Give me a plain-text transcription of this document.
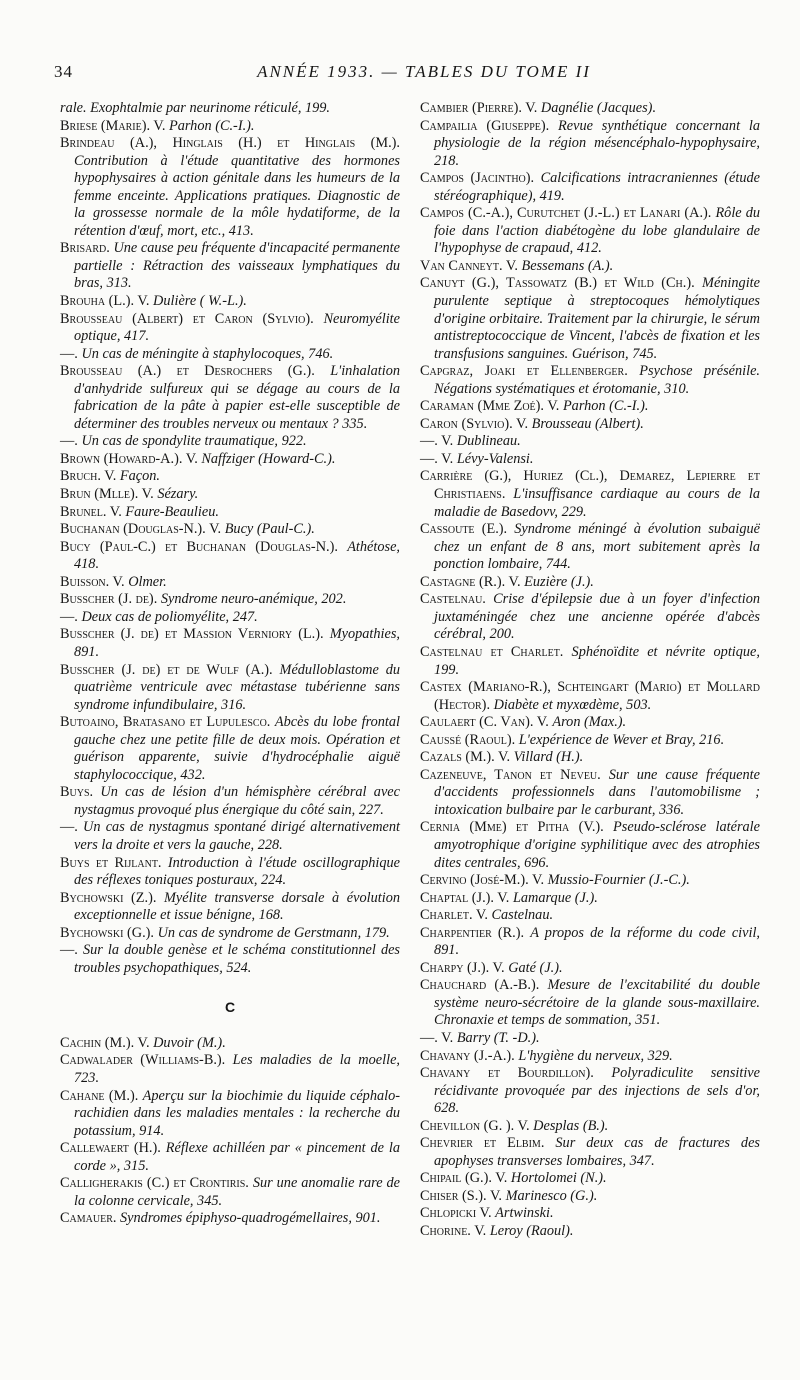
34	ANNÉE 1933. — TABLES DU TOME II

rale. Exophtalmie par neurinome réticulé, 199.

Briese (Marie). V. Parhon (C.-I.).

Brindeau (A.), Hinglais (H.) et Hinglais (M.). Contribution à l'étude quantitative des hormones hypophysaires à action génitale dans les humeurs de la femme enceinte. Applications pratiques. Diagnostic de la grossesse normale de la môle hydatiforme, de la rétention d'œuf, mort, etc., 413.

Brisard. Une cause peu fréquente d'incapacité permanente partielle : Rétraction des vaisseaux lymphatiques du bras, 313.

Brouha (L.). V. Dulière ( W.-L.).

Brousseau (Albert) et Caron (Sylvio). Neuromyélite optique, 417.

—. Un cas de méningite à staphylocoques, 746.

Brousseau (A.) et Desrochers (G.). L'inhalation d'anhydride sulfureux qui se dégage au cours de la fabrication de la pâte à papier est-elle susceptible de déterminer des troubles nerveux ou mentaux ? 335.

—. Un cas de spondylite traumatique, 922.

Brown (Howard-A.). V. Naffziger (Howard-C.).

Bruch. V. Façon.

Brun (Mlle). V. Sézary.

Brunel. V. Faure-Beaulieu.

Buchanan (Douglas-N.). V. Bucy (Paul-C.).

Bucy (Paul-C.) et Buchanan (Douglas-N.). Athétose, 418.

Buisson. V. Olmer.

Busscher (J. de). Syndrome neuro-anémique, 202.

—. Deux cas de poliomyélite, 247.

Busscher (J. de) et Massion Verniory (L.). Myopathies, 891.

Busscher (J. de) et de Wulf (A.). Médulloblastome du quatrième ventricule avec métastase tubérienne sans syndrome infundibulaire, 316.

Butoaino, Bratasano et Lupulesco. Abcès du lobe frontal gauche chez une petite fille de deux mois. Opération et guérison apparente, suivie d'hydrocéphalie aiguë staphylococcique, 432.

Buys. Un cas de lésion d'un hémisphère cérébral avec nystagmus provoqué plus énergique du côté sain, 227.

—. Un cas de nystagmus spontané dirigé alternativement vers la droite et vers la gauche, 228.

Buys et Rijlant. Introduction à l'étude oscillographique des réflexes toniques posturaux, 224.

Bychowski (Z.). Myélite transverse dorsale à évolution exceptionnelle et issue bénigne, 168.

Bychowski (G.). Un cas de syndrome de Gerstmann, 179.

—. Sur la double genèse et le schéma constitutionnel des troubles psychopathiques, 524.

C

Cachin (M.). V. Duvoir (M.).

Cadwalader (Williams-B.). Les maladies de la moelle, 723.

Cahane (M.). Aperçu sur la biochimie du liquide céphalo-rachidien dans les maladies mentales : la recherche du potassium, 914.

Callewaert (H.). Réflexe achilléen par « pincement de la corde », 315.

Calligherakis (C.) et Crontiris. Sur une anomalie rare de la colonne cervicale, 345.

Camauer. Syndromes épiphyso-quadrogémellaires, 901.

Cambier (Pierre). V. Dagnélie (Jacques).

Campailia (Giuseppe). Revue synthétique concernant la physiologie de la région mésencéphalo-hypophysaire, 218.

Campos (Jacintho). Calcifications intracraniennes (étude stéréographique), 419.

Campos (C.-A.), Curutchet (J.-L.) et Lanari (A.). Rôle du foie dans l'action diabétogène du lobe glandulaire de l'hypophyse de crapaud, 412.

Van Canneyt. V. Bessemans (A.).

Canuyt (G.), Tassowatz (B.) et Wild (Ch.). Méningite purulente septique à streptocoques hémolytiques d'origine orbitaire. Traitement par la chirurgie, le sérum antistreptococcique de Vincent, l'abcès de fixation et les transfusions sanguines. Guérison, 745.

Capgraz, Joaki et Ellenberger. Psychose présénile. Négations systématiques et érotomanie, 310.

Caraman (Mme Zoé). V. Parhon (C.-I.).

Caron (Sylvio). V. Brousseau (Albert).

—. V. Dublineau.

—. V. Lévy-Valensi.

Carrière (G.), Huriez (Cl.), Demarez, Lepierre et Christiaens. L'insuffisance cardiaque au cours de la maladie de Basedovv, 229.

Cassoute (E.). Syndrome méningé à évolution subaiguë chez un enfant de 8 ans, mort subitement après la ponction lombaire, 744.

Castagne (R.). V. Euzière (J.).

Castelnau. Crise d'épilepsie due à un foyer d'infection juxtaméningée chez une ancienne opérée d'abcès cérébral, 200.

Castelnau et Charlet. Sphénoïdite et névrite optique, 199.

Castex (Mariano-R.), Schteingart (Mario) et Mollard (Hector). Diabète et myxœdème, 503.

Caulaert (C. Van). V. Aron (Max.).

Caussé (Raoul). L'expérience de Wever et Bray, 216.

Cazals (M.). V. Villard (H.).

Cazeneuve, Tanon et Neveu. Sur une cause fréquente d'accidents professionnels dans l'automobilisme ; intoxication bulbaire par le carburant, 336.

Cernia (Mme) et Pitha (V.). Pseudo-sclérose latérale amyotrophique d'origine syphilitique avec des atrophies dites centrales, 696.

Cervino (José-M.). V. Mussio-Fournier (J.-C.).

Chaptal (J.). V. Lamarque (J.).

Charlet. V. Castelnau.

Charpentier (R.). A propos de la réforme du code civil, 891.

Charpy (J.). V. Gaté (J.).

Chauchard (A.-B.). Mesure de l'excitabilité du double système neuro-sécrétoire de la glande sous-maxillaire. Chronaxie et temps de sommation, 351.

—. V. Barry (T. -D.).

Chavany (J.-A.). L'hygiène du nerveux, 329.

Chavany et Bourdillon). Polyradiculite sensitive récidivante provoquée par des injections de sels d'or, 628.

Chevillon (G. ). V. Desplas (B.).

Chevrier et Elbim. Sur deux cas de fractures des apophyses transverses lombaires, 347.

Chipail (G.). V. Hortolomei (N.).

Chiser (S.). V. Marinesco (G.).

Chlopicki V. Artwinski.

Chorine. V. Leroy (Raoul).
